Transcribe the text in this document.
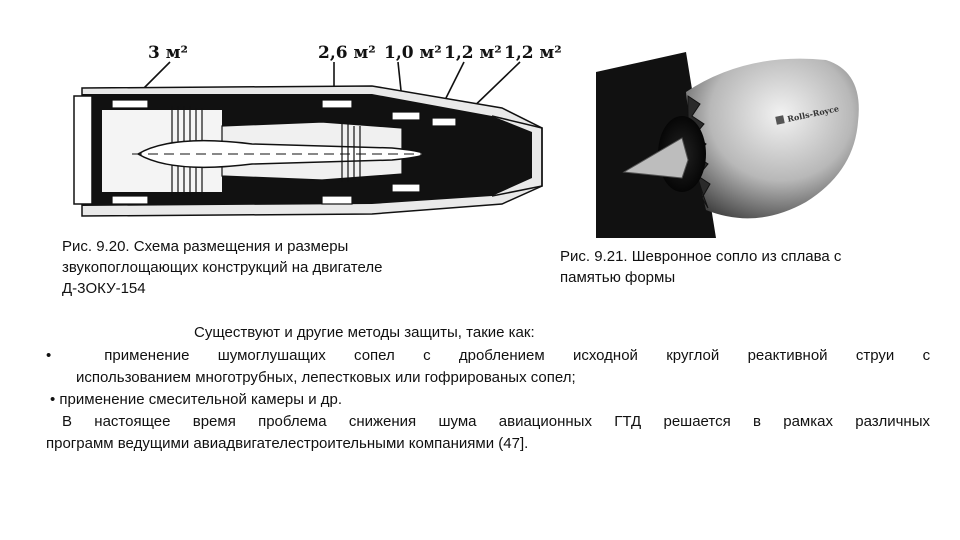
3 м²	2,6 м² 1,0 м² 1,2 м² 1,2 м²
Rolls-Royce
Рис. 9.20. Схема размещения и размеры
звукопоглощающих конструкций на двигателе
Д-3ОКУ-154
Рис. 9.21. Шевронное сопло из сплава с
памятью формы
Существуют и другие методы защиты, такие как:
•	применение шумоглушащих сопел с дроблением исходной круглой реактивной струи с
использованием многотрубных, лепестковых или гофрированых сопел;
• применение смесительной камеры и др.
В настоящее время проблема снижения шума авиационных ГТД решается в рамках различных
программ ведущими авиадвигателестроительными компаниями (47].
